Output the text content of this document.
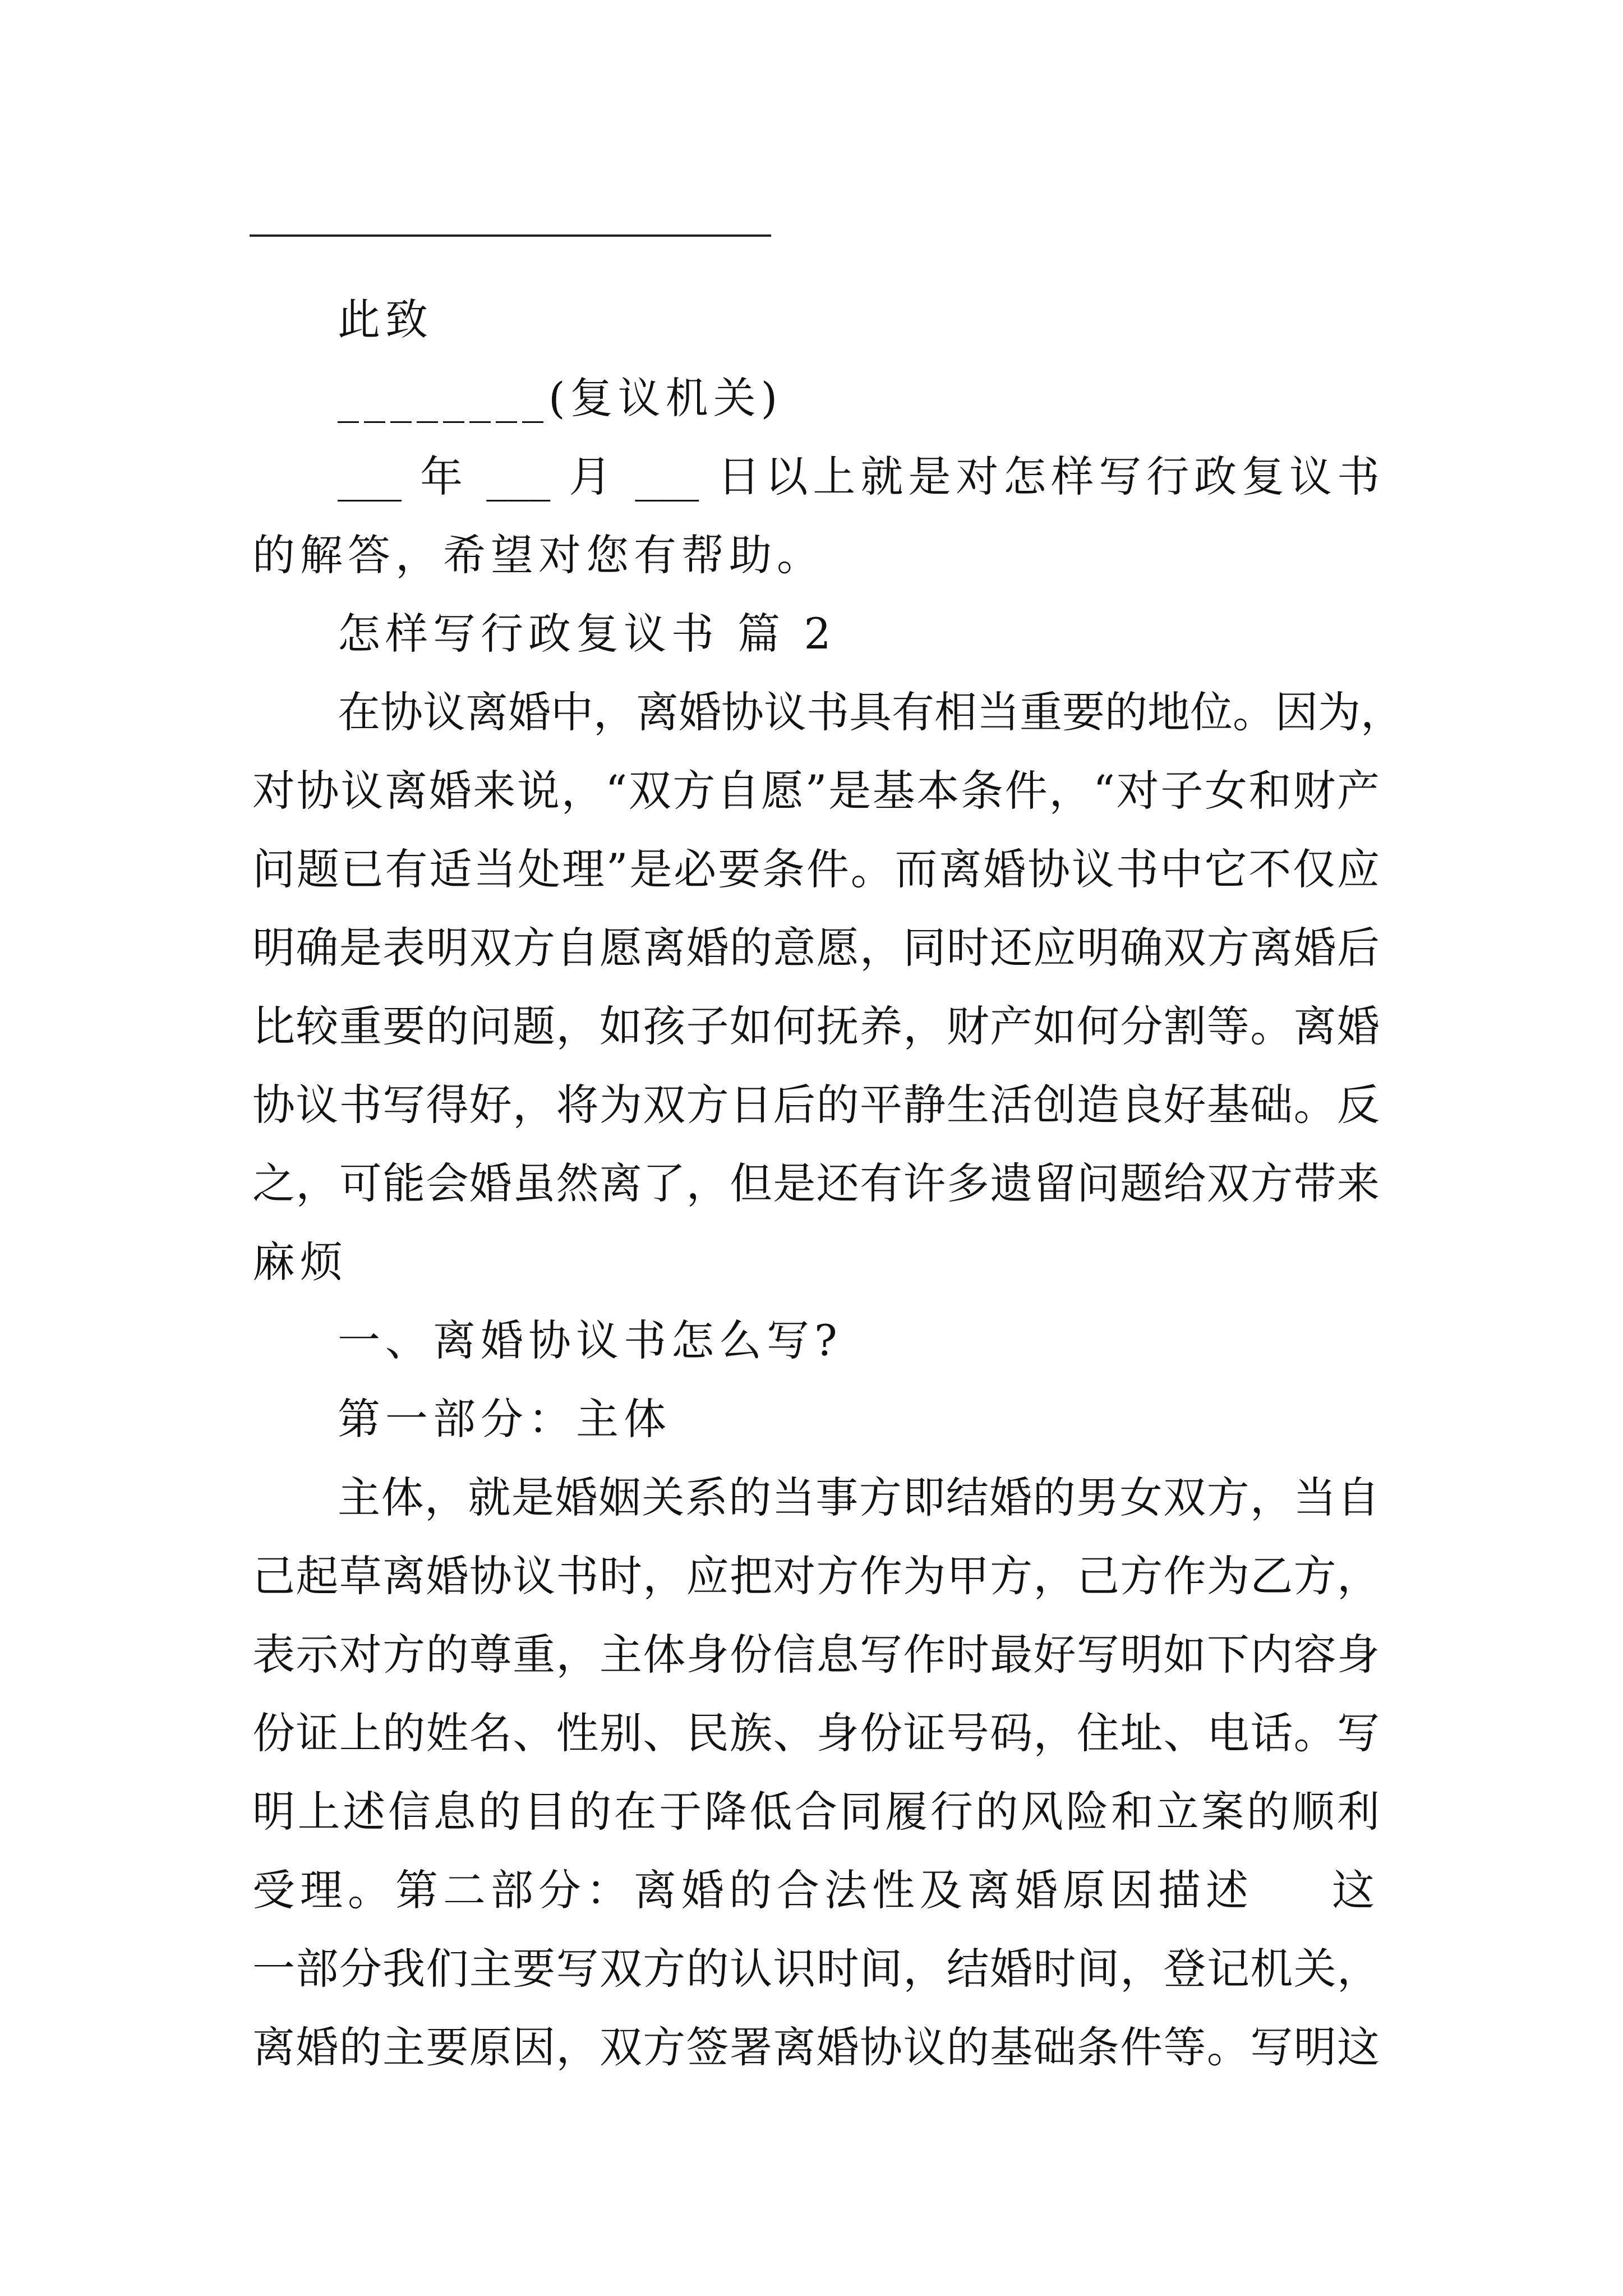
此致
________(复议机关)
___ 年 ___ 月 ___ 日以上就是对怎样写行政复议书
的解答，希望对您有帮助。
怎样写行政复议书 篇 2
在协议离婚中，离婚协议书具有相当重要的地位。因为，
对协议离婚来说，“双方自愿”是基本条件，“对子女和财产
问题已有适当处理”是必要条件。而离婚协议书中它不仅应
明确是表明双方自愿离婚的意愿，同时还应明确双方离婚后
比较重要的问题，如孩子如何抚养，财产如何分割等。离婚
协议书写得好，将为双方日后的平静生活创造良好基础。反
之，可能会婚虽然离了，但是还有许多遗留问题给双方带来
麻烦
一、离婚协议书怎么写?
第一部分：主体
主体，就是婚姻关系的当事方即结婚的男女双方，当自
己起草离婚协议书时，应把对方作为甲方，己方作为乙方，
表示对方的尊重，主体身份信息写作时最好写明如下内容身
份证上的姓名、性别、民族、身份证号码，住址、电话。写
明上述信息的目的在于降低合同履行的风险和立案的顺利
受理。第二部分：离婚的合法性及离婚原因描述 这
一部分我们主要写双方的认识时间，结婚时间，登记机关，
离婚的主要原因，双方签署离婚协议的基础条件等。写明这
